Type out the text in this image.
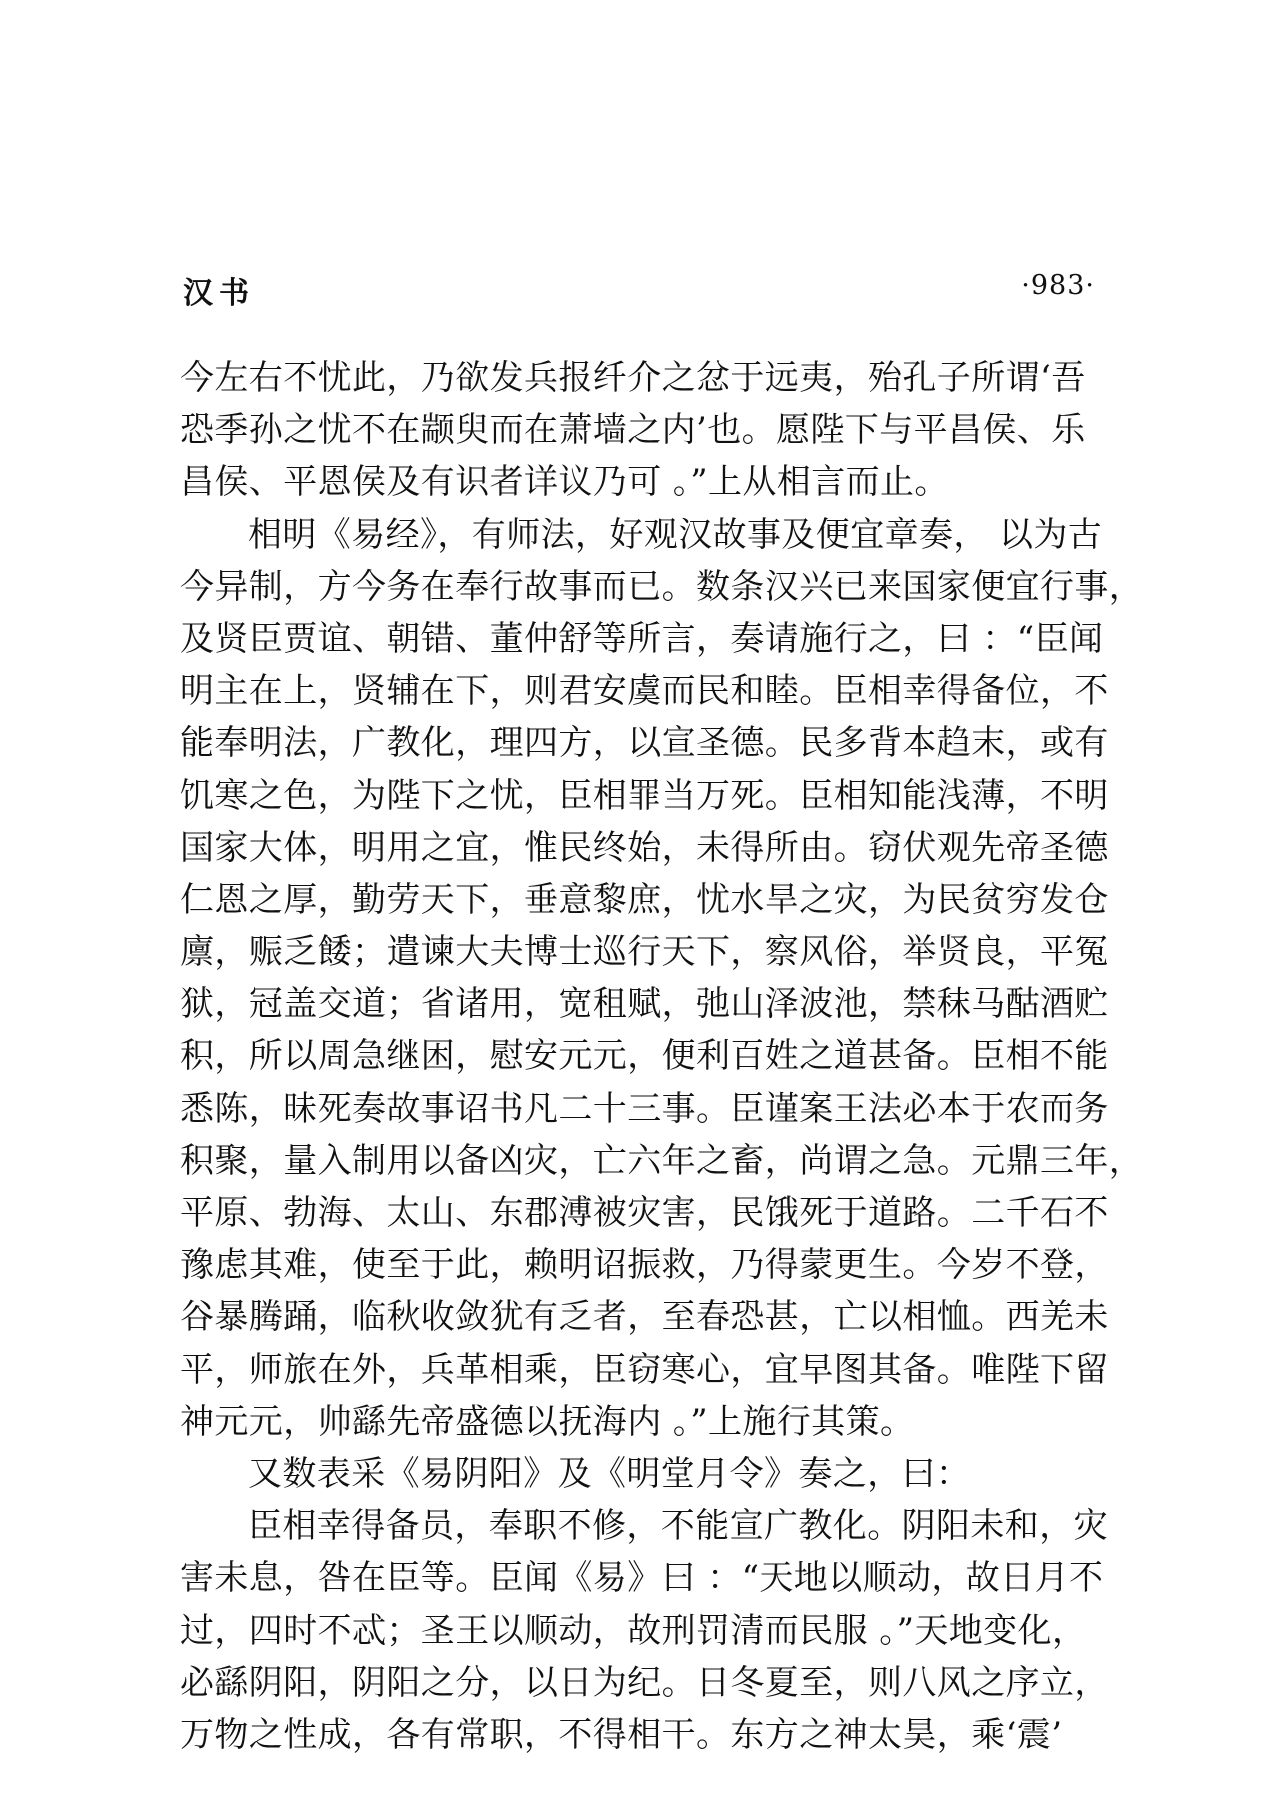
汉书	·983·
今左右不忧此，乃欲发兵报纤介之忿于远夷，殆孔子所谓‘吾
恐季孙之忧不在颛臾而在萧墙之内’也。愿陛下与平昌侯、乐
昌侯、平恩侯及有识者详议乃可 。”上从相言而止。
相明《易经》，有师法，好观汉故事及便宜章奏， 以为古
今异制，方今务在奉行故事而已。数条汉兴已来国家便宜行事，
及贤臣贾谊、朝错、董仲舒等所言，奏请施行之，曰 ：“臣闻
明主在上，贤辅在下，则君安虞而民和睦。臣相幸得备位，不
能奉明法，广教化，理四方，以宣圣德。民多背本趋末，或有
饥寒之色，为陛下之忧，臣相罪当万死。臣相知能浅薄，不明
国家大体，明用之宜，惟民终始，未得所由。窃伏观先帝圣德
仁恩之厚，勤劳天下，垂意黎庶，忧水旱之灾，为民贫穷发仓
廪，赈乏餧；遣谏大夫博士巡行天下，察风俗，举贤良，平冤
狱，冠盖交道；省诸用，宽租赋，弛山泽波池，禁秣马酤酒贮
积，所以周急继困，慰安元元，便利百姓之道甚备。臣相不能
悉陈，昧死奏故事诏书凡二十三事。臣谨案王法必本于农而务
积聚，量入制用以备凶灾，亡六年之畜，尚谓之急。元鼎三年，
平原、勃海、太山、东郡溥被灾害，民饿死于道路。二千石不
豫虑其难，使至于此，赖明诏振救，乃得蒙更生。今岁不登，
谷暴腾踊，临秋收敛犹有乏者，至春恐甚，亡以相恤。西羌未
平，师旅在外，兵革相乘，臣窃寒心，宜早图其备。唯陛下留
神元元，帅繇先帝盛德以抚海内 。”上施行其策。
又数表采《易阴阳》及《明堂月令》奏之，曰：
臣相幸得备员，奉职不修，不能宣广教化。阴阳未和，灾
害未息，咎在臣等。臣闻《易》曰 ：“天地以顺动，故日月不
过，四时不忒；圣王以顺动，故刑罚清而民服 。”天地变化，
必繇阴阳，阴阳之分，以日为纪。日冬夏至，则八风之序立，
万物之性成，各有常职，不得相干。东方之神太昊，乘‘震’
